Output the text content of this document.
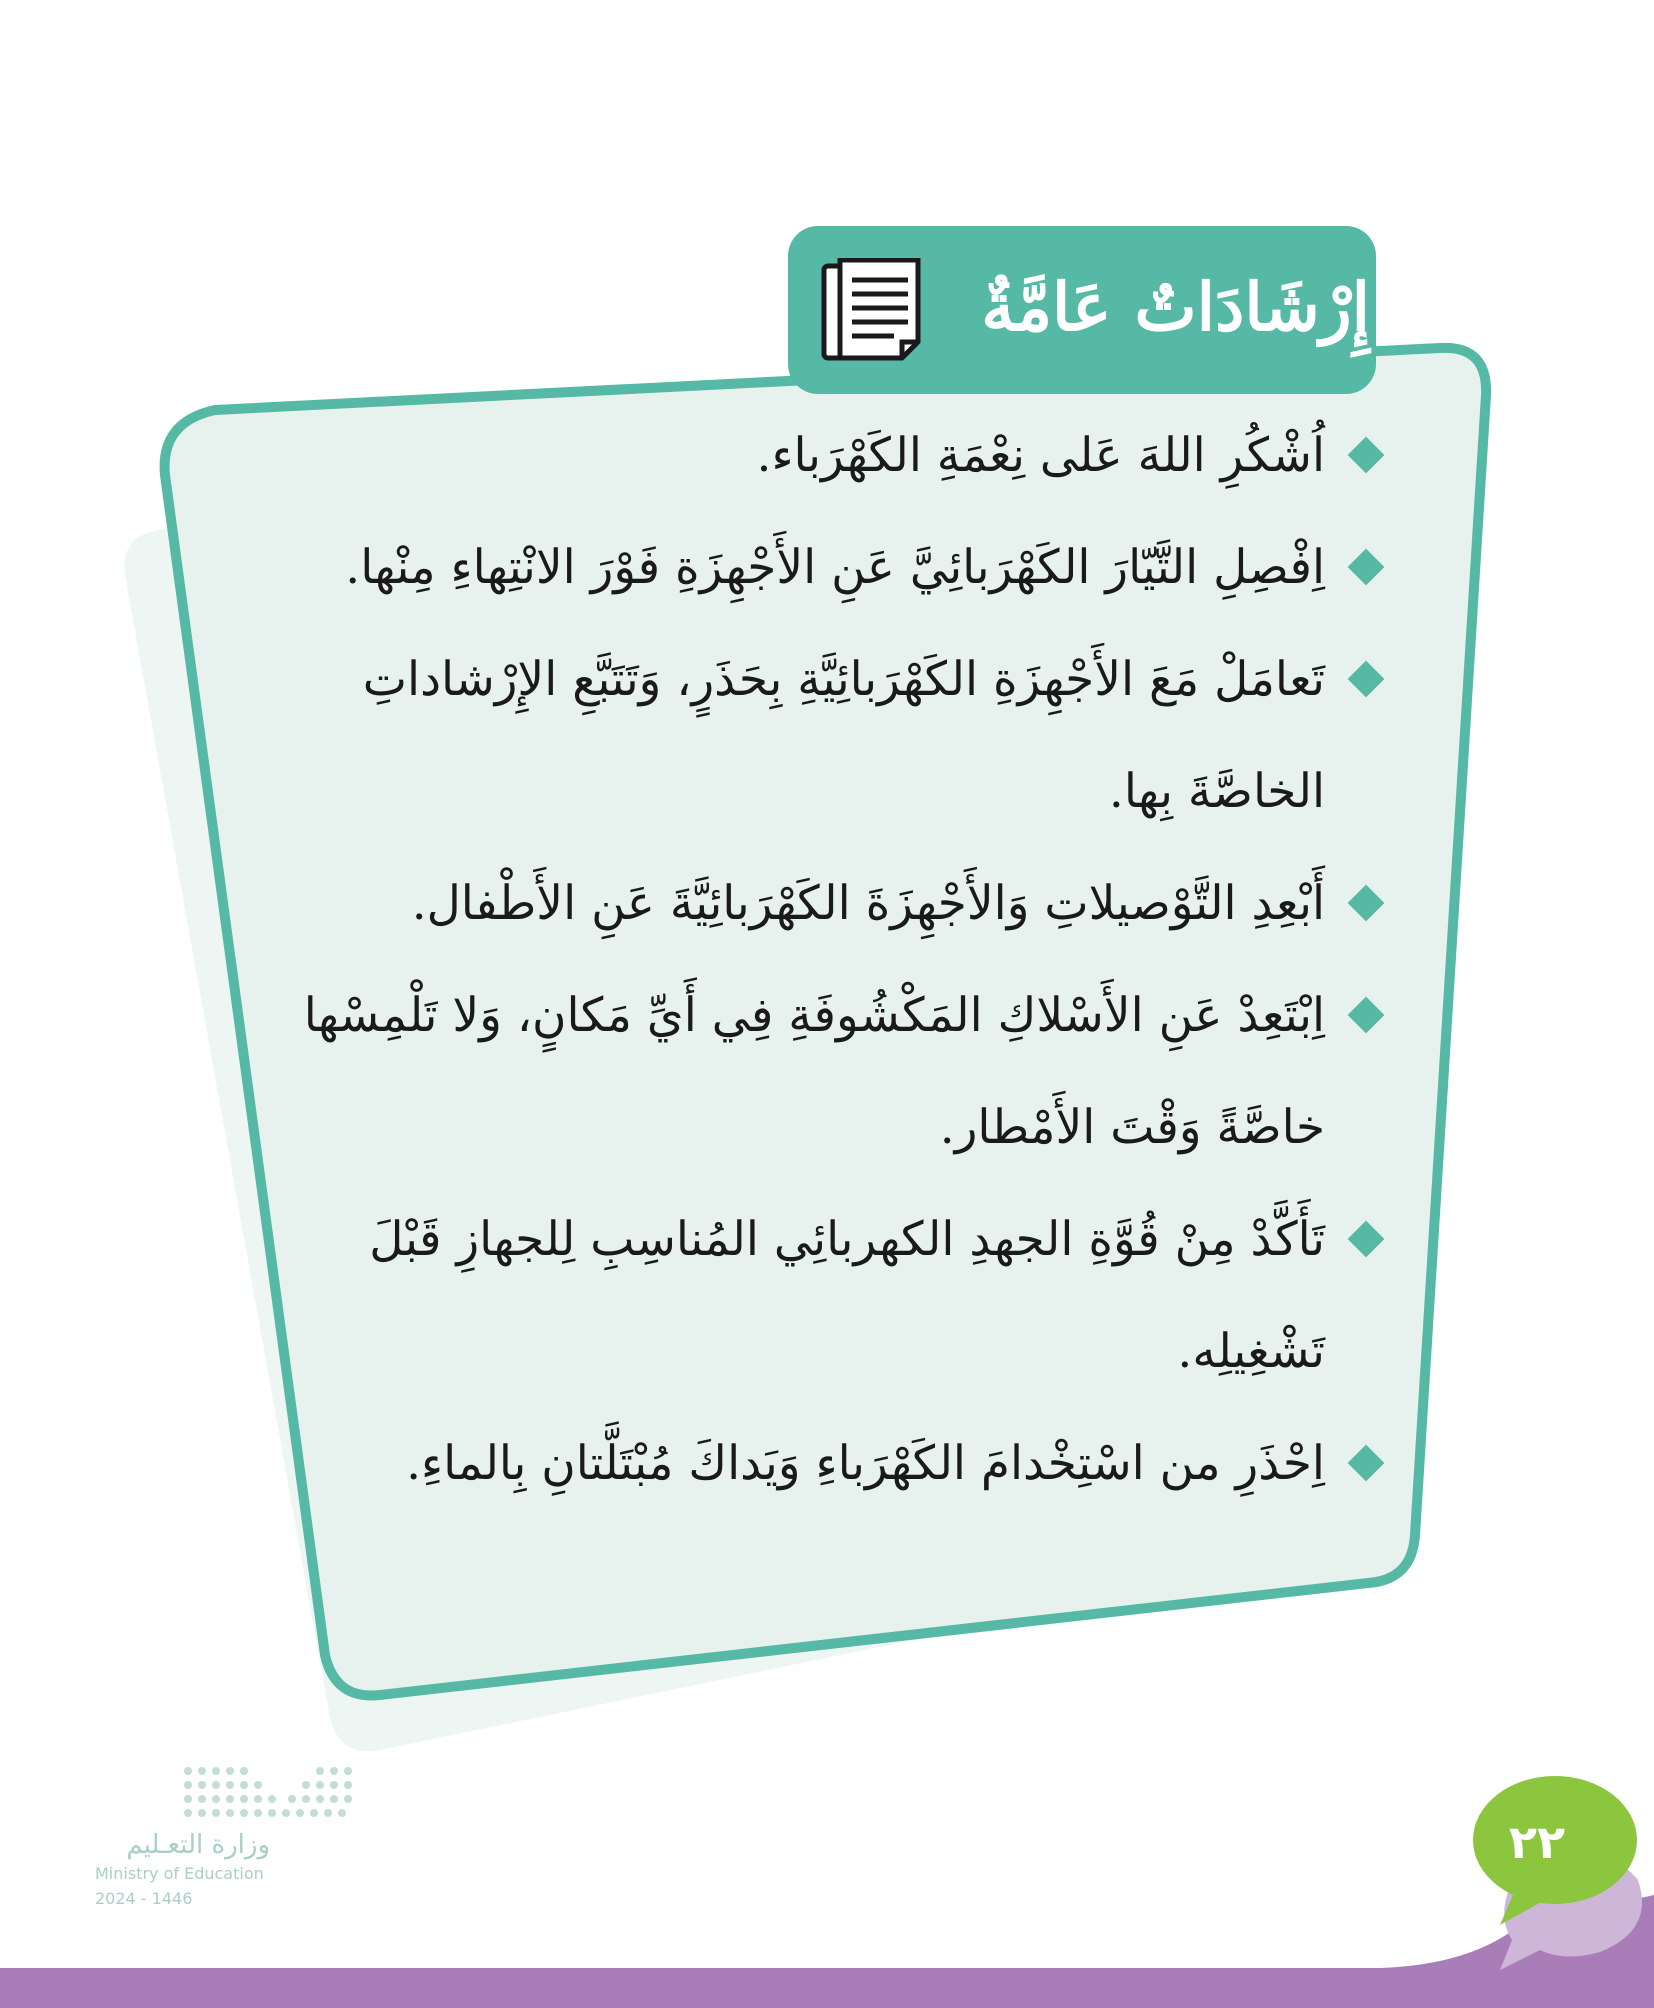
إِرْشَادَاتٌ عَامَّةٌ
اُشْكُرِ اللهَ عَلى نِعْمَةِ الكَهْرَباء.
اِفْصِلِ التَّيّارَ الكَهْرَبائِيَّ عَنِ الأَجْهِزَةِ فَوْرَ الانْتِهاءِ مِنْها.
تَعامَلْ مَعَ الأَجْهِزَةِ الكَهْرَبائِيَّةِ بِحَذَرٍ، وَتَتَبَّعِ الإِرْشاداتِ الخاصَّةَ بِها.
أَبْعِدِ التَّوْصيلاتِ وَالأَجْهِزَةَ الكَهْرَبائِيَّةَ عَنِ الأَطْفال.
اِبْتَعِدْ عَنِ الأَسْلاكِ المَكْشُوفَةِ فِي أَيِّ مَكانٍ، وَلا تَلْمِسْها خاصَّةً وَقْتَ الأَمْطار.
تَأَكَّدْ مِنْ قُوَّةِ الجهدِ الكهربائِي المُناسِبِ لِلجهازِ قَبْلَ تَشْغِيلِه.
اِحْذَرِ من اسْتِخْدامَ الكَهْرَباءِ وَيَداكَ مُبْتَلَّتانِ بِالماءِ.
وزارة التعـليم
Ministry of Education
2024 - 1446
٢٢
